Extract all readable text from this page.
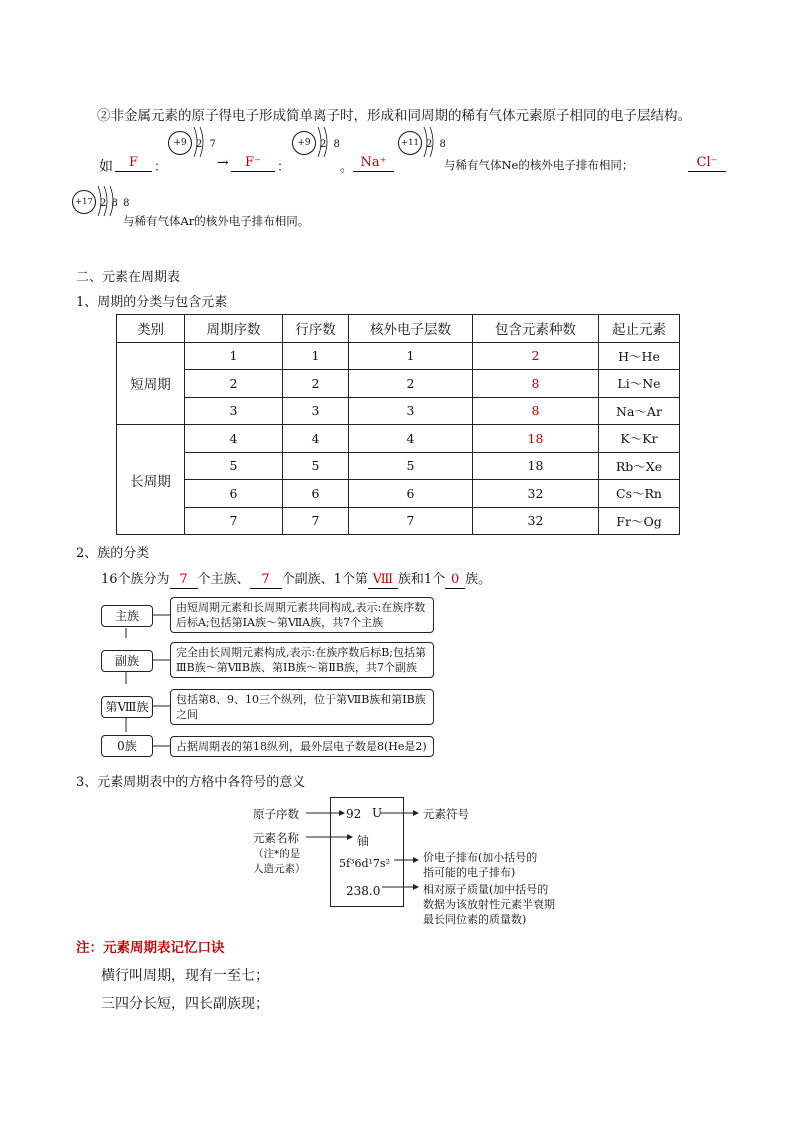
②非金属元素的原子得电子形成简单离子时，形成和同周期的稀有气体元素原子相同的电子层结构。
如	F	：
+9 2 7
→	F⁻	：
+9 2 8
。 Na⁺
+11 2 8
与稀有气体Ne的核外电子排布相同；	Cl⁻
+17 2 8 8
与稀有气体Ar的核外电子排布相同。
二、元素在周期表
1、周期的分类与包含元素
类别	周期序数	行序数	核外电子层数	包含元素种数	起止元素
短周期	1	1	1	2	H～He
	2	2	2	8	Li～Ne
	3	3	3	8	Na～Ar
长周期	4	4	4	18	K～Kr
	5	5	5	18	Rb～Xe
	6	6	6	32	Cs～Rn
	7	7	7	32	Fr～Og
2、族的分类
16个族分为 7 个主族、 7 个副族、1个第 Ⅷ 族和1个 0 族。
主族
由短周期元素和长周期元素共同构成,表示:在族序数后标A;包括第ⅠA族～第ⅦA族，共7个主族
副族
完全由长周期元素构成,表示:在族序数后标B;包括第ⅢB族～第ⅦB族、第ⅠB族～第ⅡB族，共7个副族
第Ⅷ族
包括第8、9、10三个纵列，位于第ⅦB族和第ⅠB族之间
0族	占据周期表的第18纵列，最外层电子数是8(He是2)
3、元素周期表中的方格中各符号的意义
92 U
铀
5f³6d¹7s²
238.0
原子序数
元素名称
（注*的是
人造元素）
元素符号
价电子排布(加小括号的
指可能的电子排布)
相对原子质量(加中括号的
数据为该放射性元素半衰期
最长同位素的质量数)
注：元素周期表记忆口诀
横行叫周期，现有一至七；
三四分长短，四长副族现；
